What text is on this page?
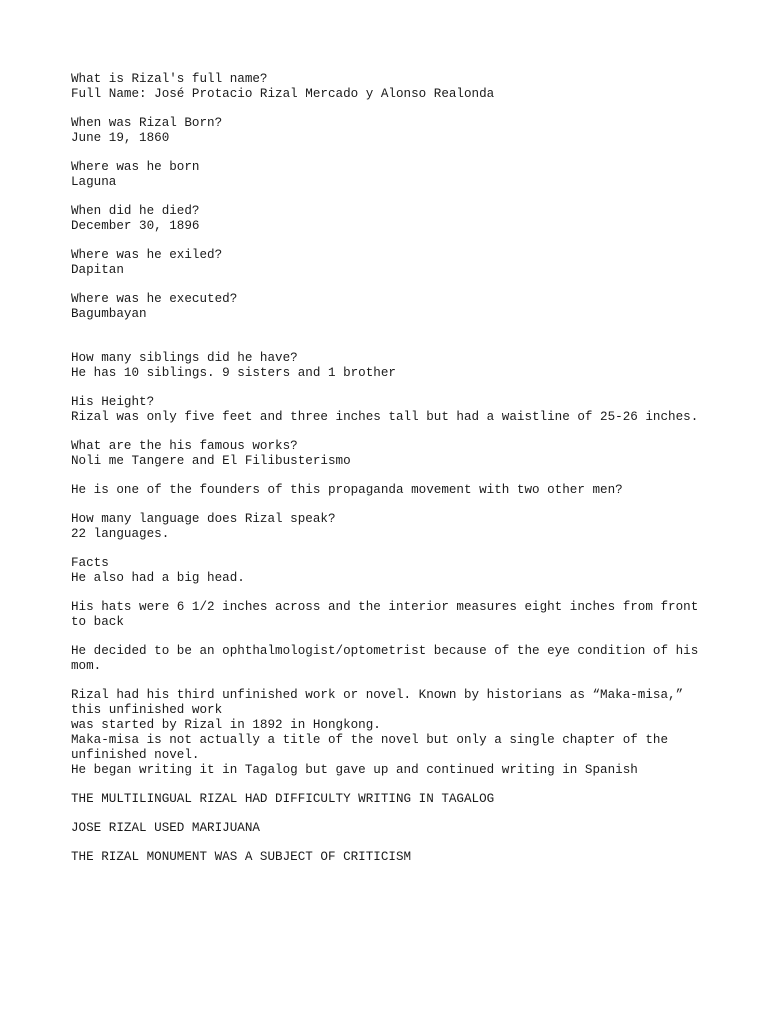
What is Rizal's full name?
Full Name: José Protacio Rizal Mercado y Alonso Realonda
When was Rizal Born?
June 19, 1860
Where was he born
Laguna
When did he died?
December 30, 1896
Where was he exiled?
Dapitan
Where was he executed?
Bagumbayan
How many siblings did he have?
He has 10 siblings. 9 sisters and 1 brother
His Height?
Rizal was only five feet and three inches tall but had a waistline of 25-26 inches.
What are the his famous works?
Noli me Tangere and El Filibusterismo
He is one of the founders of this propaganda movement with two other men?
How many language does Rizal speak?
22 languages.
Facts
He also had a big head.
His hats were 6 1/2 inches across and the interior measures eight inches from front to back
He decided to be an ophthalmologist/optometrist because of the eye condition of his mom.
Rizal had his third unfinished work or novel. Known by historians as “Maka-misa,” this unfinished work
was started by Rizal in 1892 in Hongkong.
Maka-misa is not actually a title of the novel but only a single chapter of the unfinished novel.
He began writing it in Tagalog but gave up and continued writing in Spanish
THE MULTILINGUAL RIZAL HAD DIFFICULTY WRITING IN TAGALOG
JOSE RIZAL USED MARIJUANA
THE RIZAL MONUMENT WAS A SUBJECT OF CRITICISM
